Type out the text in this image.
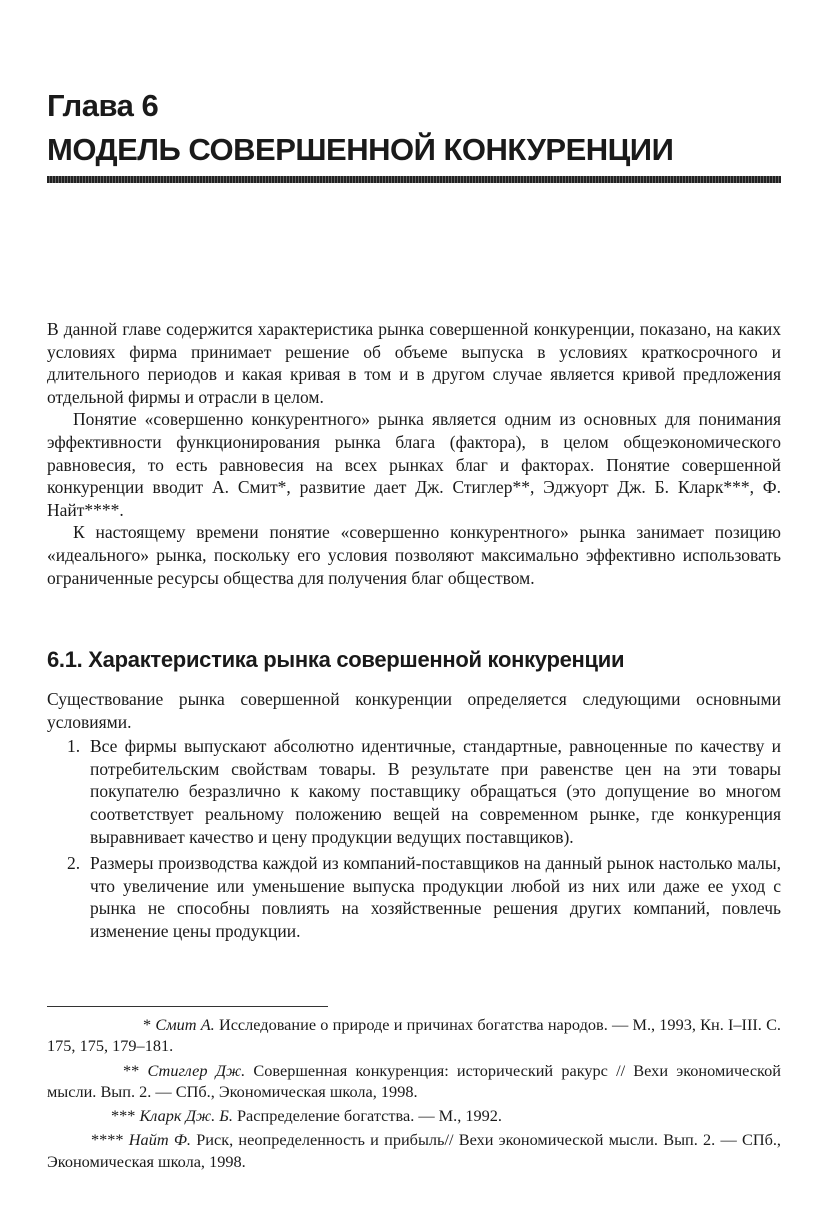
Глава 6
МОДЕЛЬ СОВЕРШЕННОЙ КОНКУРЕНЦИИ

В данной главе содержится характеристика рынка совершенной конкуренции, показано, на каких условиях фирма принимает решение об объеме выпуска в условиях краткосрочного и длительного периодов и какая кривая в том и в другом случае является кривой предложения отдельной фирмы и отрасли в целом.

Понятие «совершенно конкурентного» рынка является одним из основных для понимания эффективности функционирования рынка блага (фактора), в целом общеэкономического равновесия, то есть равновесия на всех рынках благ и факторах. Понятие совершенной конкуренции вводит А. Смит*, развитие дает Дж. Стиглер**, Эджуорт Дж. Б. Кларк***, Ф. Найт****.

К настоящему времени понятие «совершенно конкурентного» рынка занимает позицию «идеального» рынка, поскольку его условия позволяют максимально эффективно использовать ограниченные ресурсы общества для получения благ обществом.

6.1. Характеристика рынка совершенной конкуренции

Существование рынка совершенной конкуренции определяется следующими основными условиями.

1. Все фирмы выпускают абсолютно идентичные, стандартные, равноценные по качеству и потребительским свойствам товары. В результате при равенстве цен на эти товары покупателю безразлично к какому поставщику обращаться (это допущение во многом соответствует реальному положению вещей на современном рынке, где конкуренция выравнивает качество и цену продукции ведущих поставщиков).
2. Размеры производства каждой из компаний-поставщиков на данный рынок настолько малы, что увеличение или уменьшение выпуска продукции любой из них или даже ее уход с рынка не способны повлиять на хозяйственные решения других компаний, повлечь изменение цены продукции.

* Смит А. Исследование о природе и причинах богатства народов. — М., 1993, Кн. I–III. С. 175, 175, 179–181.

** Стиглер Дж. Совершенная конкуренция: исторический ракурс // Вехи экономической мысли. Вып. 2. — СПб., Экономическая школа, 1998.

*** Кларк Дж. Б. Распределение богатства. — М., 1992.

**** Найт Ф. Риск, неопределенность и прибыль// Вехи экономической мысли. Вып. 2. — СПб., Экономическая школа, 1998.
